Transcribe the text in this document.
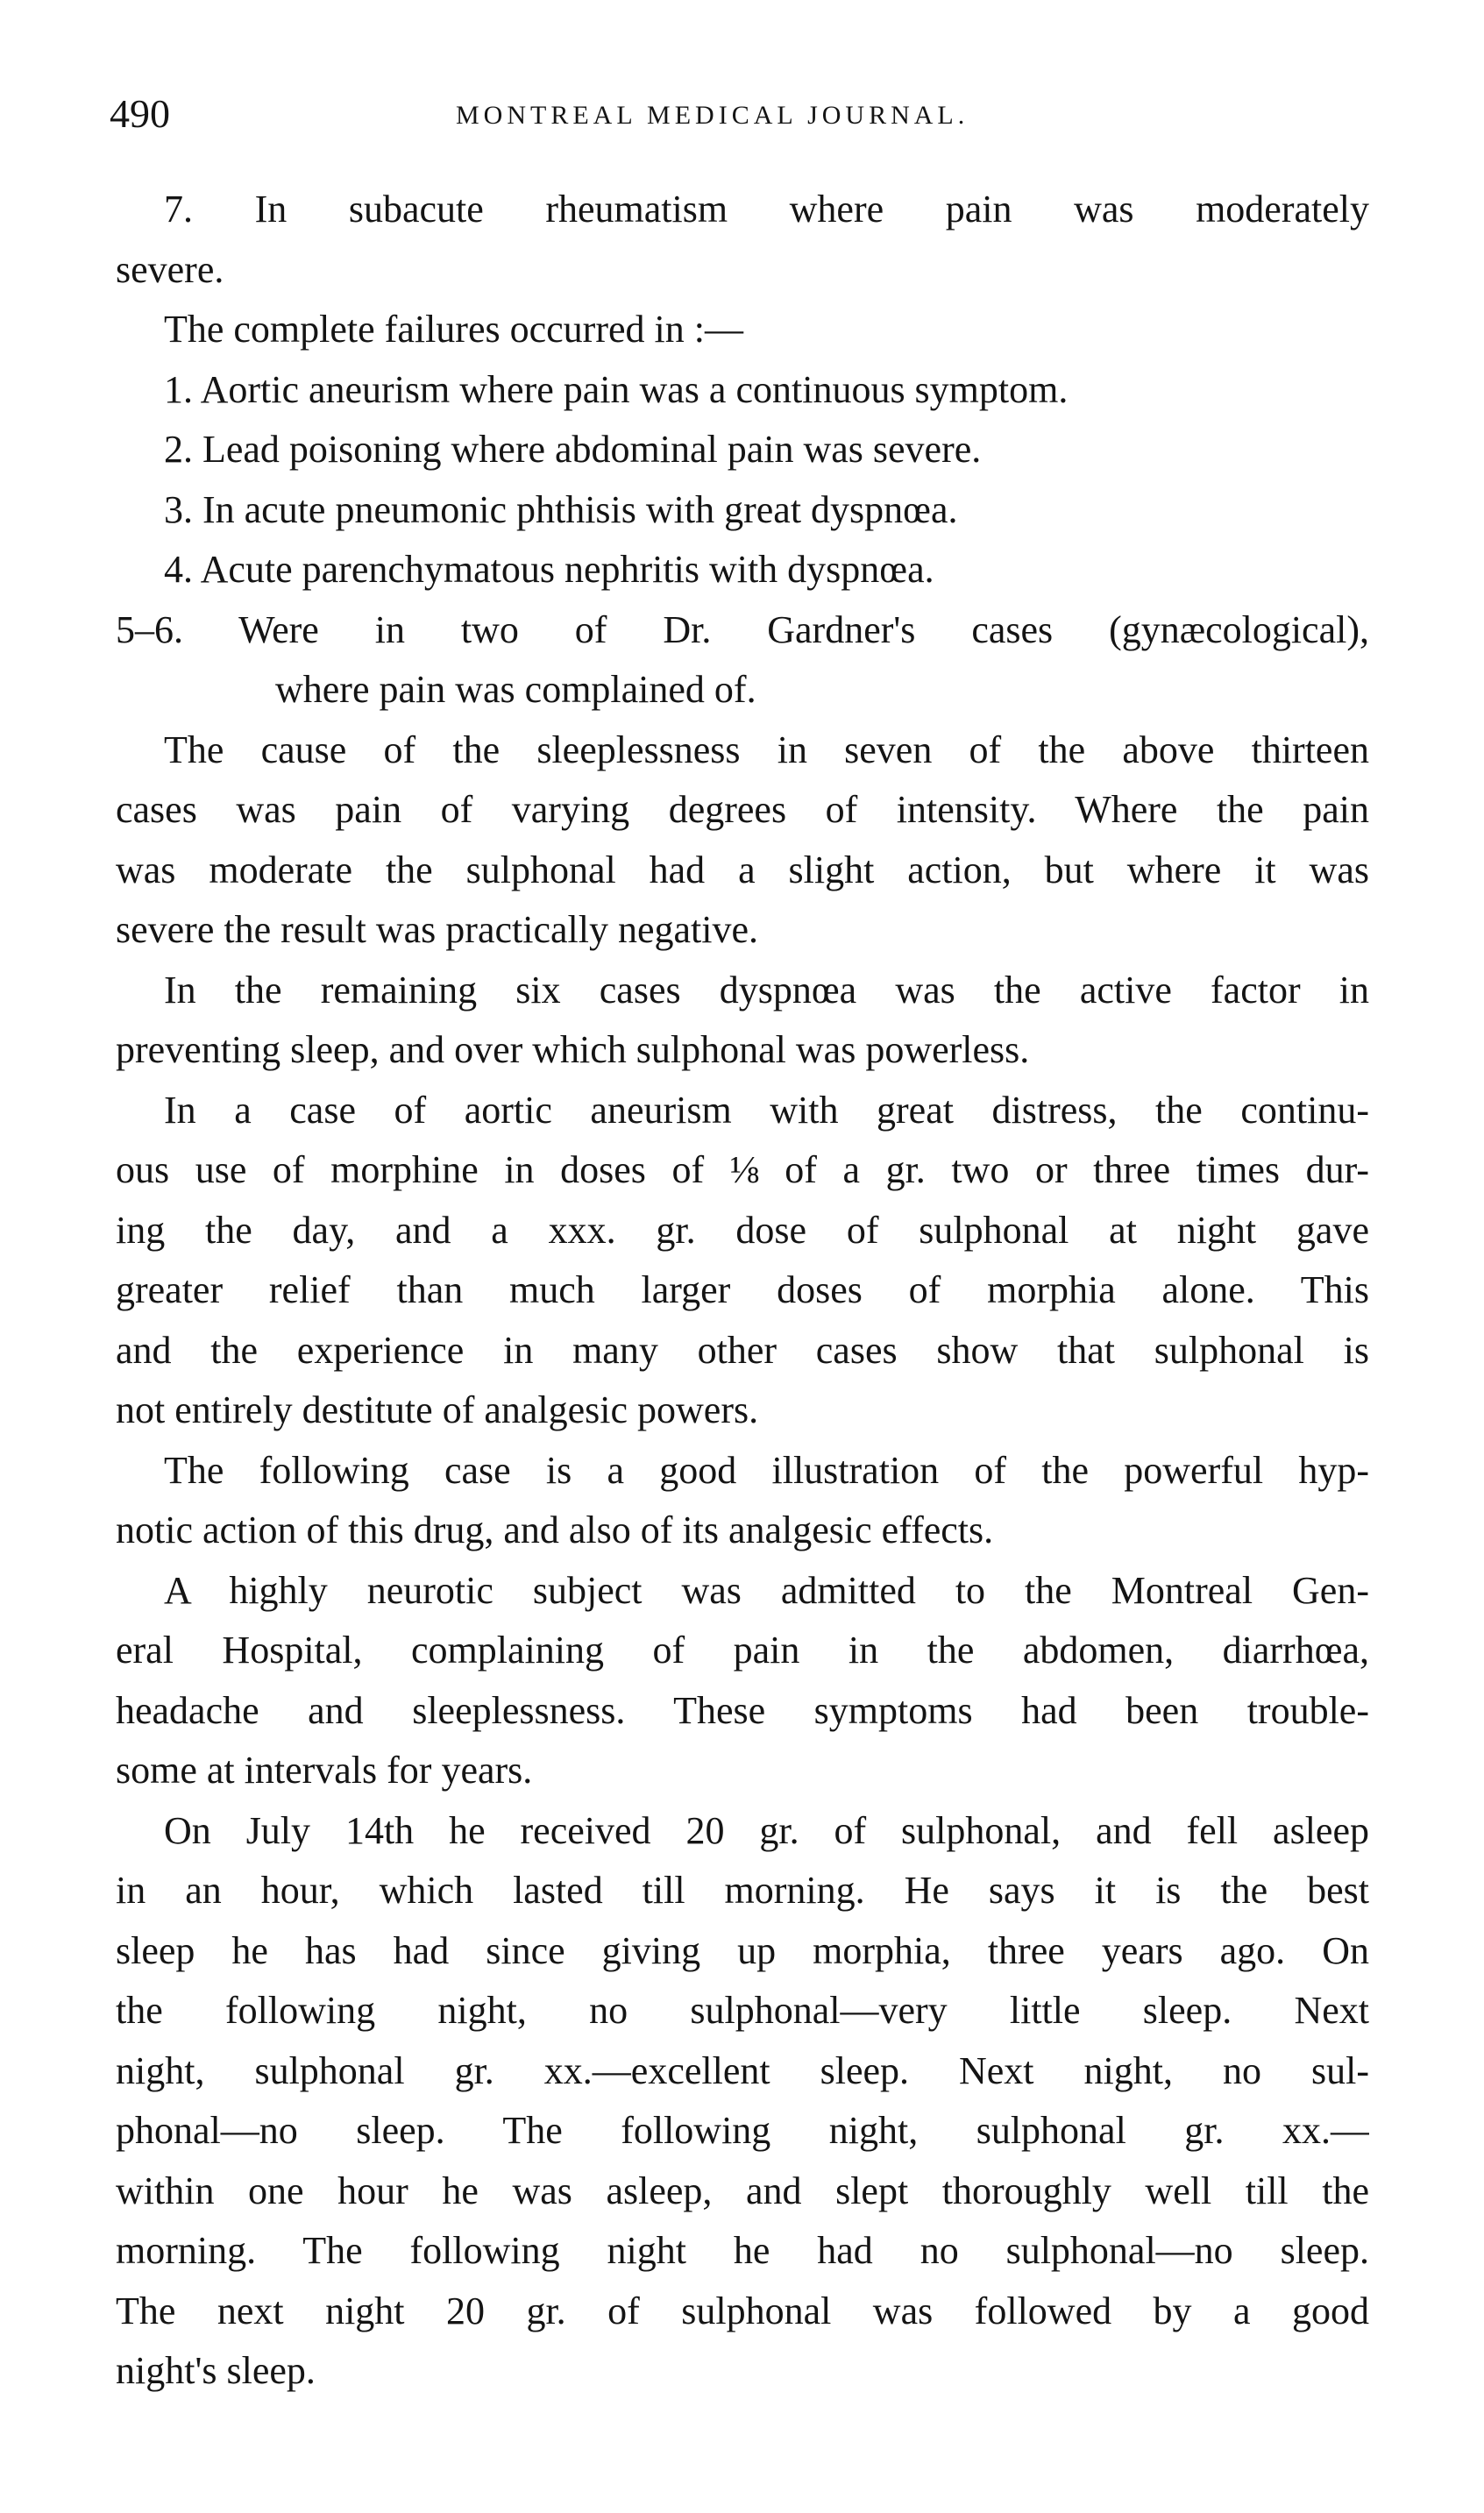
490	MONTREAL MEDICAL JOURNAL.
7. In subacute rheumatism where pain was moderately
severe.
The complete failures occurred in :—
1. Aortic aneurism where pain was a continuous symptom.
2. Lead poisoning where abdominal pain was severe.
3. In acute pneumonic phthisis with great dyspnœa.
4. Acute parenchymatous nephritis with dyspnœa.
5–6. Were in two of Dr. Gardner's cases (gynæcological),
where pain was complained of.
The cause of the sleeplessness in seven of the above thirteen
cases was pain of varying degrees of intensity. Where the pain
was moderate the sulphonal had a slight action, but where it was
severe the result was practically negative.
In the remaining six cases dyspnœa was the active factor in
preventing sleep, and over which sulphonal was powerless.
In a case of aortic aneurism with great distress, the continu-
ous use of morphine in doses of ⅛ of a gr. two or three times dur-
ing the day, and a xxx. gr. dose of sulphonal at night gave
greater relief than much larger doses of morphia alone. This
and the experience in many other cases show that sulphonal is
not entirely destitute of analgesic powers.
The following case is a good illustration of the powerful hyp-
notic action of this drug, and also of its analgesic effects.
A highly neurotic subject was admitted to the Montreal Gen-
eral Hospital, complaining of pain in the abdomen, diarrhœa,
headache and sleeplessness. These symptoms had been trouble-
some at intervals for years.
On July 14th he received 20 gr. of sulphonal, and fell asleep
in an hour, which lasted till morning. He says it is the best
sleep he has had since giving up morphia, three years ago. On
the following night, no sulphonal—very little sleep. Next
night, sulphonal gr. xx.—excellent sleep. Next night, no sul-
phonal—no sleep. The following night, sulphonal gr. xx.—
within one hour he was asleep, and slept thoroughly well till the
morning. The following night he had no sulphonal—no sleep.
The next night 20 gr. of sulphonal was followed by a good
night's sleep.
